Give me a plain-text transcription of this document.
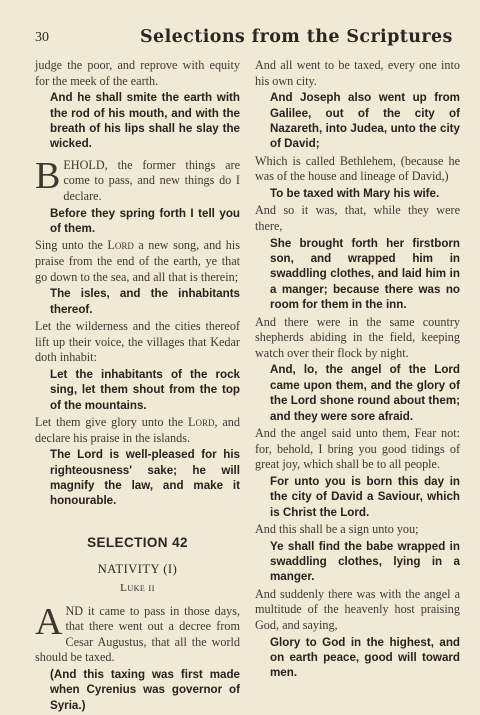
30	Selections from the Scriptures

judge the poor, and reprove with equity for the meek of the earth.

And he shall smite the earth with the rod of his mouth, and with the breath of his lips shall he slay the wicked.

BEHOLD, the former things are come to pass, and new things do I declare.

Before they spring forth I tell you of them.

Sing unto the Lord a new song, and his praise from the end of the earth, ye that go down to the sea, and all that is therein;

The isles, and the inhabitants thereof.

Let the wilderness and the cities thereof lift up their voice, the villages that Kedar doth inhabit:

Let the inhabitants of the rock sing, let them shout from the top of the mountains.

Let them give glory unto the Lord, and declare his praise in the islands.

The Lord is well-pleased for his righteousness' sake; he will magnify the law, and make it honourable.

SELECTION 42
NATIVITY (I)
Luke ii

AND it came to pass in those days, that there went out a decree from Cesar Augustus, that all the world should be taxed.

(And this taxing was first made when Cyrenius was governor of Syria.)

And all went to be taxed, every one into his own city.

And Joseph also went up from Galilee, out of the city of Nazareth, into Judea, unto the city of David;

Which is called Bethlehem, (because he was of the house and lineage of David,)

To be taxed with Mary his wife.

And so it was, that, while they were there,

She brought forth her firstborn son, and wrapped him in swaddling clothes, and laid him in a manger; because there was no room for them in the inn.

And there were in the same country shepherds abiding in the field, keeping watch over their flock by night.

And, lo, the angel of the Lord came upon them, and the glory of the Lord shone round about them; and they were sore afraid.

And the angel said unto them, Fear not: for, behold, I bring you good tidings of great joy, which shall be to all people.

For unto you is born this day in the city of David a Saviour, which is Christ the Lord.

And this shall be a sign unto you;

Ye shall find the babe wrapped in swaddling clothes, lying in a manger.

And suddenly there was with the angel a multitude of the heavenly host praising God, and saying,

Glory to God in the highest, and on earth peace, good will toward men.
